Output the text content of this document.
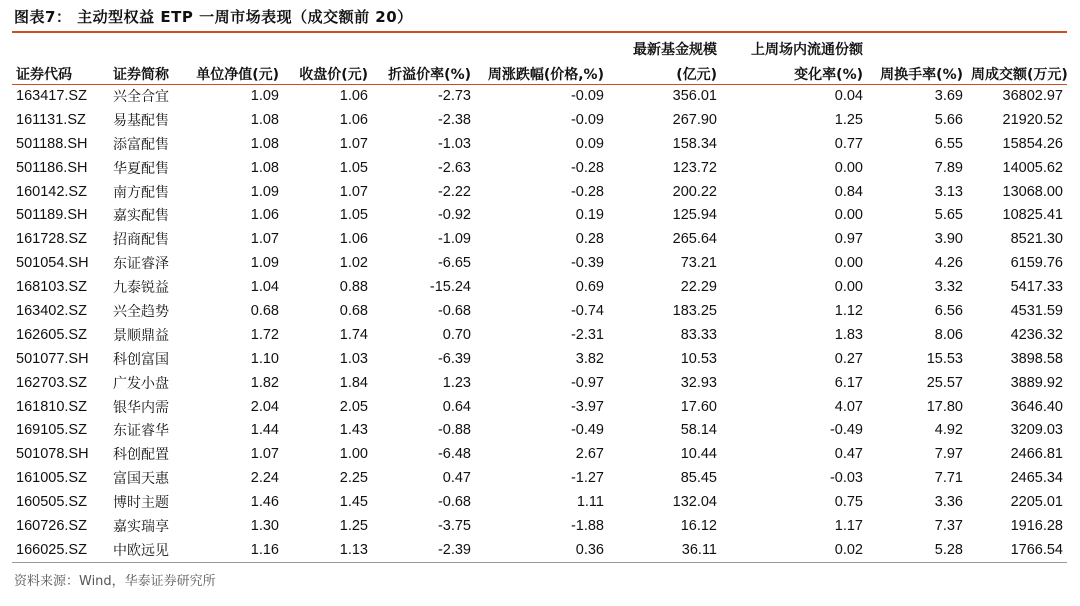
图表7： 主动型权益 ETP 一周市场表现（成交额前 20）
						最新基金规模	上周场内流通份额		
证券代码	证券简称	单位净值(元)	收盘价(元)	折溢价率(%)	周涨跌幅(价格,%)	(亿元)	变化率(%)	周换手率(%)	周成交额(万元)
163417.SZ	兴全合宜	1.09	1.06	-2.73	-0.09	356.01	0.04	3.69	36802.97
161131.SZ	易基配售	1.08	1.06	-2.38	-0.09	267.90	1.25	5.66	21920.52
501188.SH	添富配售	1.08	1.07	-1.03	0.09	158.34	0.77	6.55	15854.26
501186.SH	华夏配售	1.08	1.05	-2.63	-0.28	123.72	0.00	7.89	14005.62
160142.SZ	南方配售	1.09	1.07	-2.22	-0.28	200.22	0.84	3.13	13068.00
501189.SH	嘉实配售	1.06	1.05	-0.92	0.19	125.94	0.00	5.65	10825.41
161728.SZ	招商配售	1.07	1.06	-1.09	0.28	265.64	0.97	3.90	8521.30
501054.SH	东证睿泽	1.09	1.02	-6.65	-0.39	73.21	0.00	4.26	6159.76
168103.SZ	九泰锐益	1.04	0.88	-15.24	0.69	22.29	0.00	3.32	5417.33
163402.SZ	兴全趋势	0.68	0.68	-0.68	-0.74	183.25	1.12	6.56	4531.59
162605.SZ	景顺鼎益	1.72	1.74	0.70	-2.31	83.33	1.83	8.06	4236.32
501077.SH	科创富国	1.10	1.03	-6.39	3.82	10.53	0.27	15.53	3898.58
162703.SZ	广发小盘	1.82	1.84	1.23	-0.97	32.93	6.17	25.57	3889.92
161810.SZ	银华内需	2.04	2.05	0.64	-3.97	17.60	4.07	17.80	3646.40
169105.SZ	东证睿华	1.44	1.43	-0.88	-0.49	58.14	-0.49	4.92	3209.03
501078.SH	科创配置	1.07	1.00	-6.48	2.67	10.44	0.47	7.97	2466.81
161005.SZ	富国天惠	2.24	2.25	0.47	-1.27	85.45	-0.03	7.71	2465.34
160505.SZ	博时主题	1.46	1.45	-0.68	1.11	132.04	0.75	3.36	2205.01
160726.SZ	嘉实瑞享	1.30	1.25	-3.75	-1.88	16.12	1.17	7.37	1916.28
166025.SZ	中欧远见	1.16	1.13	-2.39	0.36	36.11	0.02	5.28	1766.54
资料来源：Wind，华泰证券研究所
